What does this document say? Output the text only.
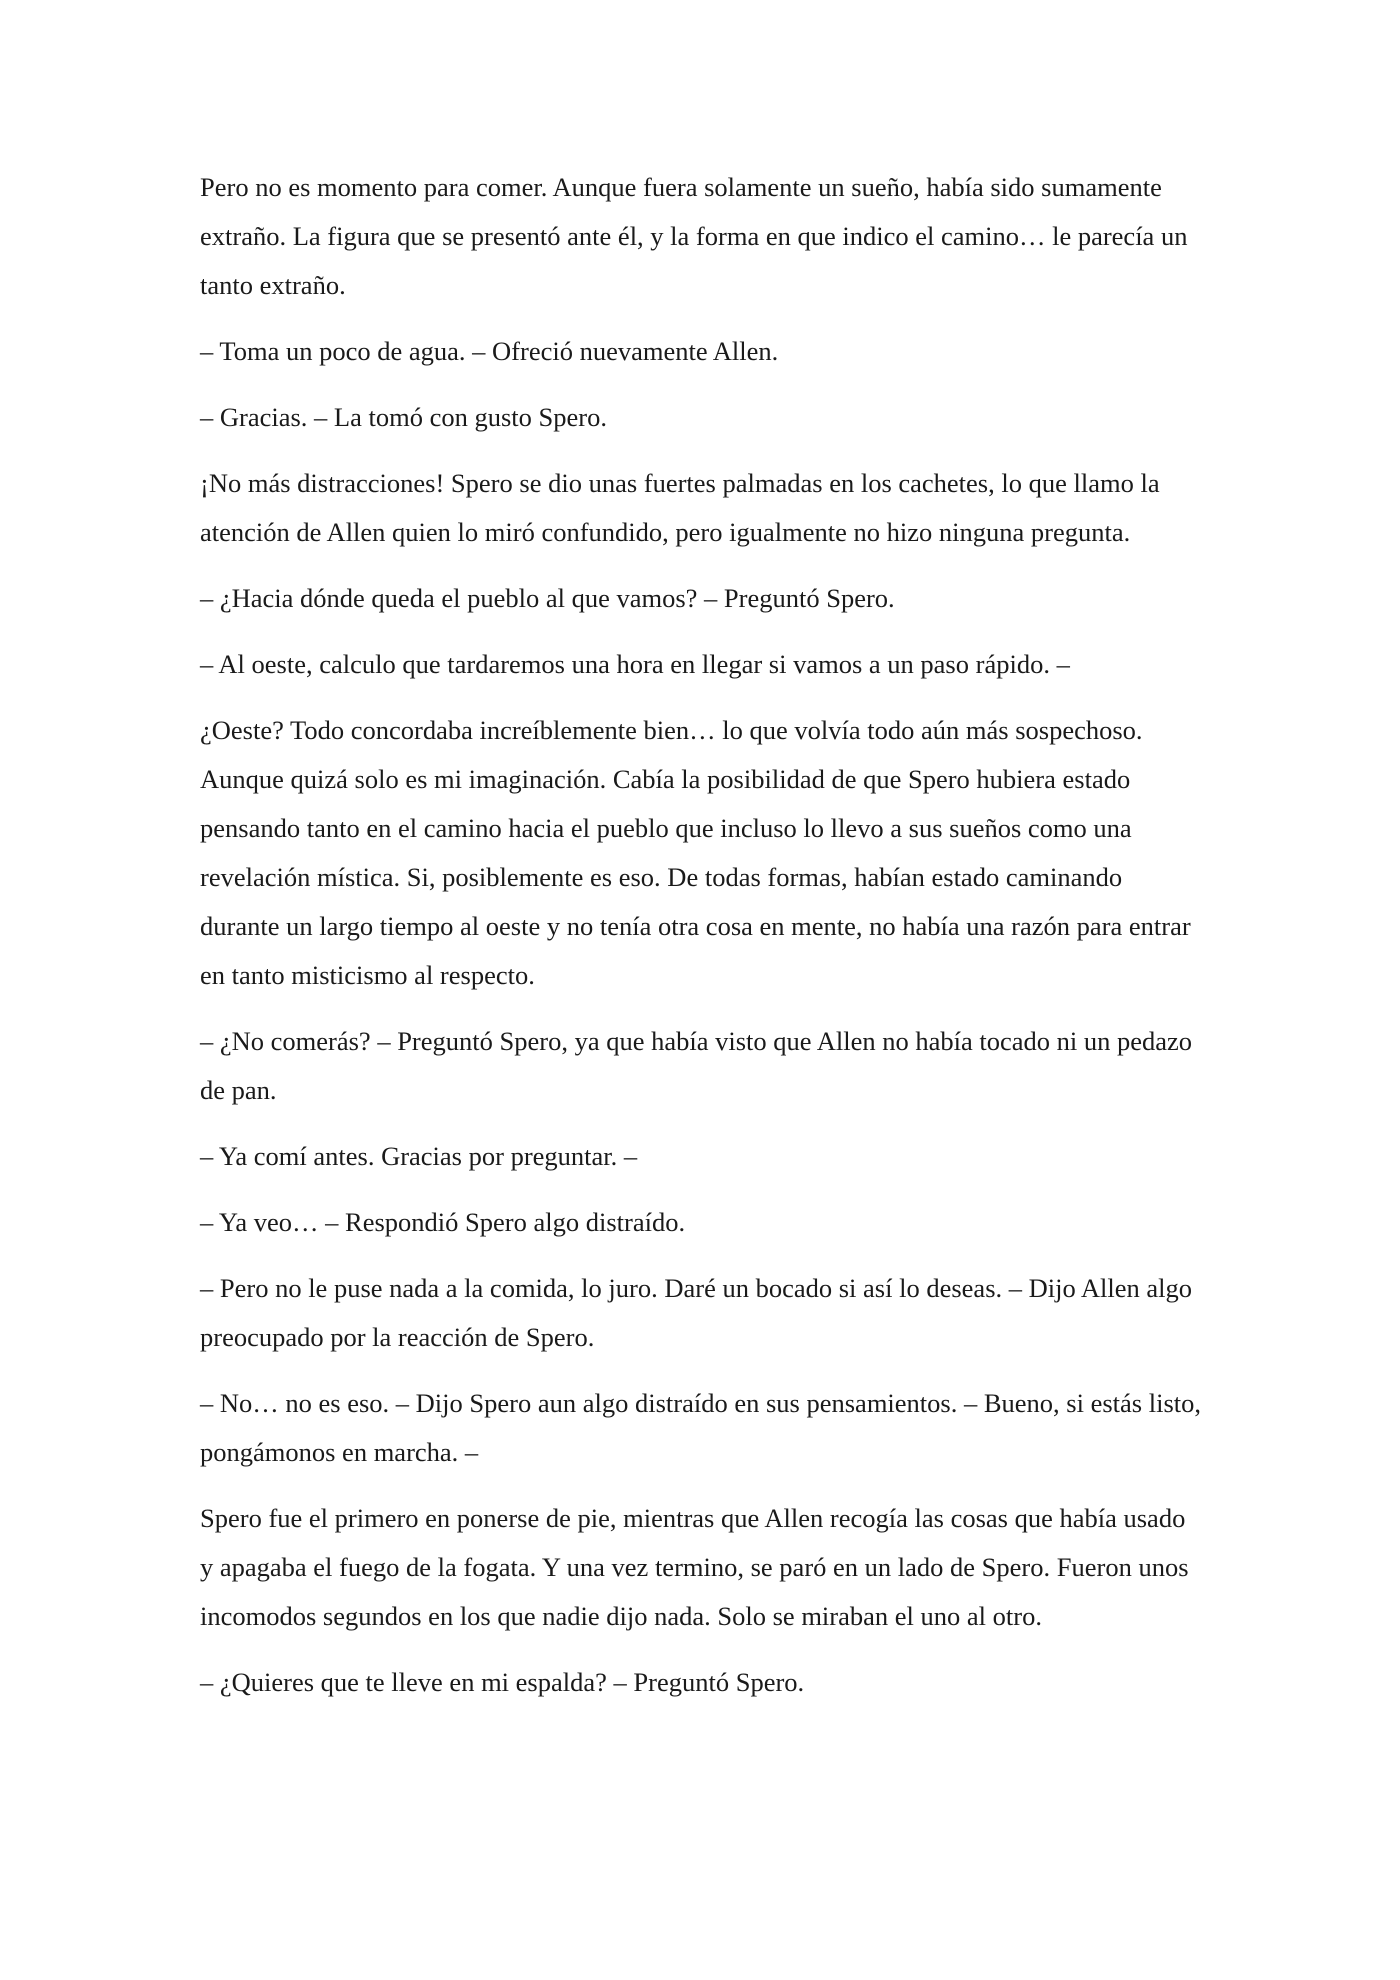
Pero no es momento para comer. Aunque fuera solamente un sueño, había sido sumamente extraño. La figura que se presentó ante él, y la forma en que indico el camino… le parecía un tanto extraño.

– Toma un poco de agua. – Ofreció nuevamente Allen.

– Gracias. – La tomó con gusto Spero.

¡No más distracciones! Spero se dio unas fuertes palmadas en los cachetes, lo que llamo la atención de Allen quien lo miró confundido, pero igualmente no hizo ninguna pregunta.

– ¿Hacia dónde queda el pueblo al que vamos? – Preguntó Spero.

– Al oeste, calculo que tardaremos una hora en llegar si vamos a un paso rápido. –

¿Oeste? Todo concordaba increíblemente bien… lo que volvía todo aún más sospechoso. Aunque quizá solo es mi imaginación. Cabía la posibilidad de que Spero hubiera estado pensando tanto en el camino hacia el pueblo que incluso lo llevo a sus sueños como una revelación mística. Si, posiblemente es eso. De todas formas, habían estado caminando durante un largo tiempo al oeste y no tenía otra cosa en mente, no había una razón para entrar en tanto misticismo al respecto.

– ¿No comerás? – Preguntó Spero, ya que había visto que Allen no había tocado ni un pedazo de pan.

– Ya comí antes. Gracias por preguntar. –

– Ya veo… – Respondió Spero algo distraído.

– Pero no le puse nada a la comida, lo juro. Daré un bocado si así lo deseas. – Dijo Allen algo preocupado por la reacción de Spero.

– No… no es eso. – Dijo Spero aun algo distraído en sus pensamientos. – Bueno, si estás listo, pongámonos en marcha. –

Spero fue el primero en ponerse de pie, mientras que Allen recogía las cosas que había usado y apagaba el fuego de la fogata. Y una vez termino, se paró en un lado de Spero. Fueron unos incomodos segundos en los que nadie dijo nada. Solo se miraban el uno al otro.

– ¿Quieres que te lleve en mi espalda? – Preguntó Spero.
